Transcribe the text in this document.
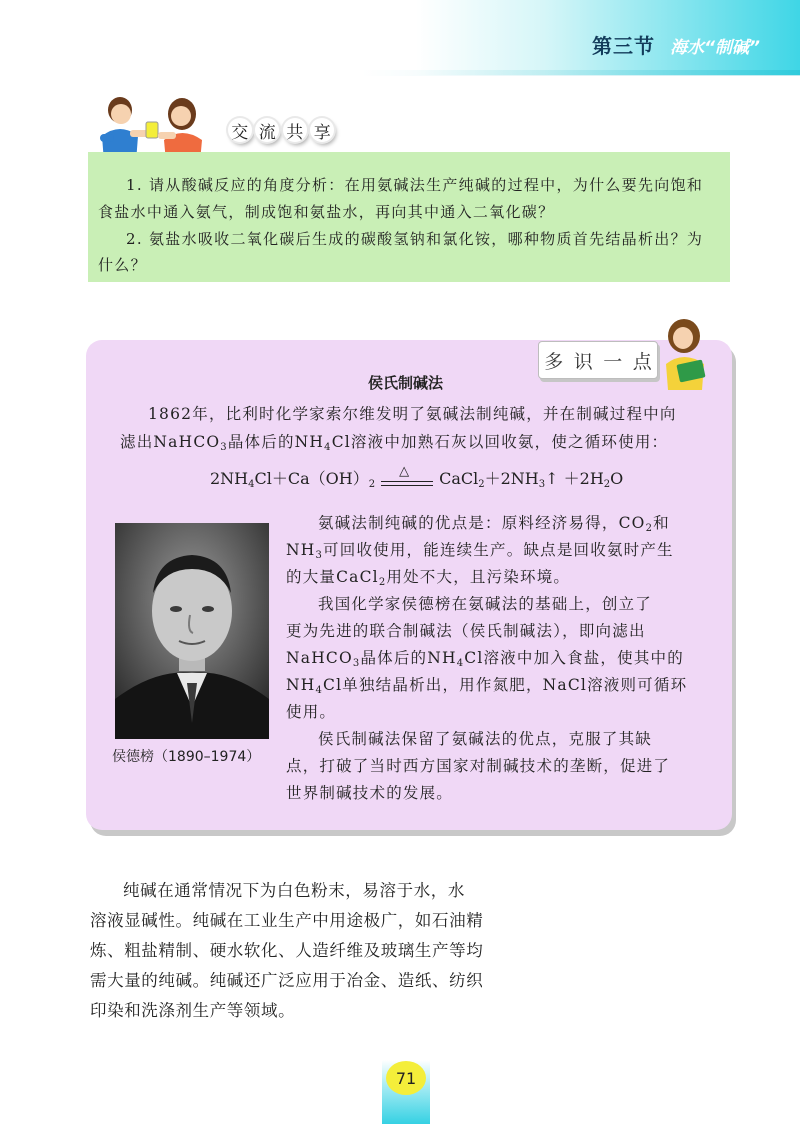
第三节 海水“制碱”
交 流 共 享
1. 请从酸碱反应的角度分析：在用氨碱法生产纯碱的过程中，为什么要先向饱和
食盐水中通入氨气，制成饱和氨盐水，再向其中通入二氧化碳？
2. 氨盐水吸收二氧化碳后生成的碳酸氢钠和氯化铵，哪种物质首先结晶析出？为
什么？
多 识 一 点
侯氏制碱法
1862年，比利时化学家索尔维发明了氨碱法制纯碱，并在制碱过程中向
滤出NaHCO$_3$晶体后的$NH_4Cl$溶液中加熟石灰以回收氨，使之循环使用：
$2NH_4Cl+Ca(OH)_2$
△ $CaCl_2+2NH_3↑ +2H_2O$
侯德榜（1890–1974）
氨碱法制纯碱的优点是：原料经济易得，$CO_2$和
$NH_3$可回收使用，能连续生产。缺点是回收氨时产生
的大量CaCl$_2$用处不大，且污染环境。
我国化学家侯德榜在氨碱法的基础上，创立了
更为先进的联合制碱法（侯氏制碱法），即向滤出
NaHCO$_3$晶体后的$NH_4Cl$溶液中加入食盐，使其中的
$NH_4Cl$单独结晶析出，用作氮肥，NaCl溶液则可循环
使用。
侯氏制碱法保留了氨碱法的优点，克服了其缺
点，打破了当时西方国家对制碱技术的垄断，促进了
世界制碱技术的发展。
纯碱在通常情况下为白色粉末，易溶于水，水
溶液显碱性。纯碱在工业生产中用途极广，如石油精
炼、粗盐精制、硬水软化、人造纤维及玻璃生产等均
需大量的纯碱。纯碱还广泛应用于冶金、造纸、纺织
印染和洗涤剂生产等领域。
71
